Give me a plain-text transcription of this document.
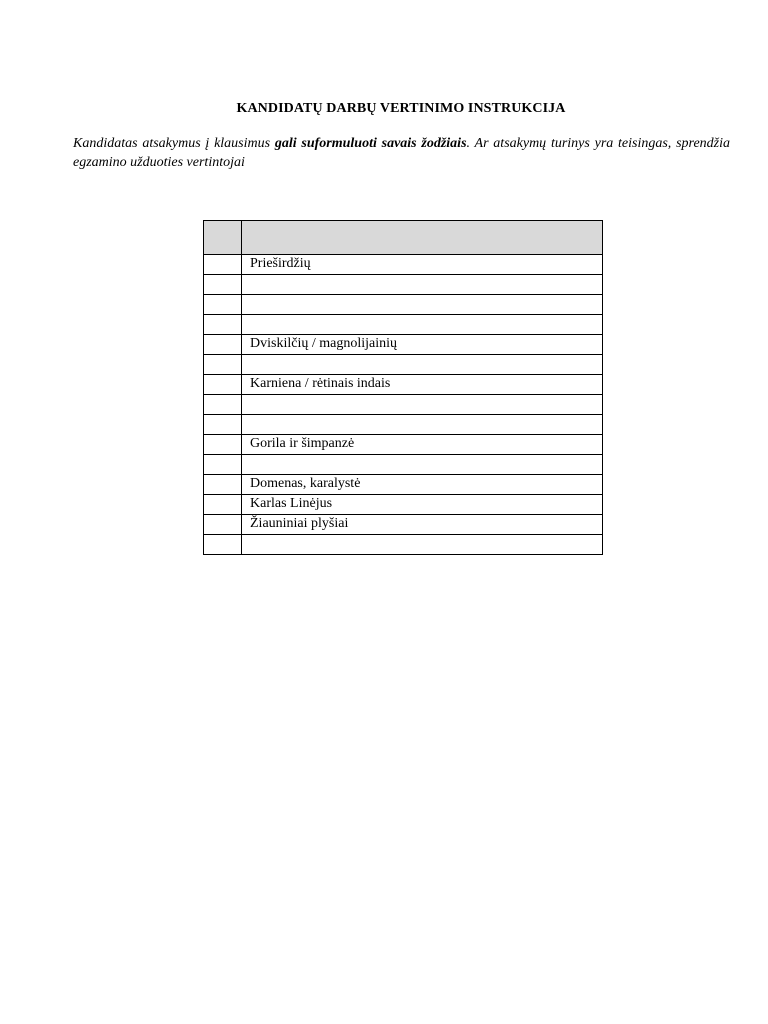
KANDIDATŲ DARBŲ VERTINIMO INSTRUKCIJA

Kandidatas atsakymus į klausimus gali suformuluoti savais žodžiais. Ar atsakymų turinys yra teisingas, sprendžia egzamino užduoties vertintojai

	Prieširdžių

	Dviskilčių / magnolijainių

	Karniena / rėtinais indais

	Gorila ir šimpanzė

	Domenas, karalystė
	Karlas Linėjus
	Žiauniniai plyšiai
